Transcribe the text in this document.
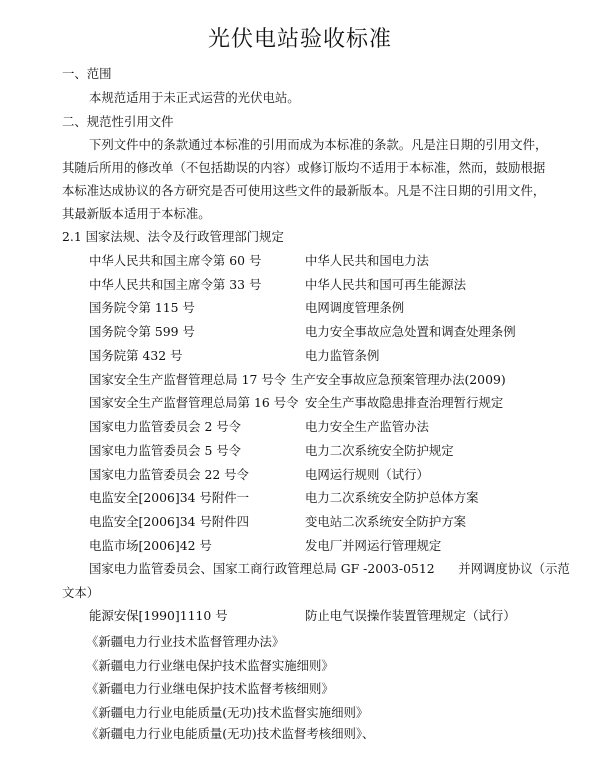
光伏电站验收标准
一、范围
本规范适用于未正式运营的光伏电站。
二、规范性引用文件
下列文件中的条款通过本标准的引用而成为本标准的条款。凡是注日期的引用文件，
其随后所用的修改单（不包括勘误的内容）或修订版均不适用于本标准，然而，鼓励根据
本标准达成协议的各方研究是否可使用这些文件的最新版本。凡是不注日期的引用文件，
其最新版本适用于本标准。
2.1 国家法规、法令及行政管理部门规定
中华人民共和国主席令第 60 号	中华人民共和国电力法
中华人民共和国主席令第 33 号	中华人民共和国可再生能源法
国务院令第 115 号	电网调度管理条例
国务院令第 599 号	电力安全事故应急处置和调查处理条例
国务院第 432 号	电力监管条例
国家安全生产监督管理总局 17 号令 生产安全事故应急预案管理办法(2009)
国家安全生产监督管理总局第 16 号令 安全生产事故隐患排查治理暂行规定
国家电力监管委员会 2 号令	电力安全生产监管办法
国家电力监管委员会 5 号令	电力二次系统安全防护规定
国家电力监管委员会 22 号令	电网运行规则（试行）
电监安全[2006]34 号附件一	电力二次系统安全防护总体方案
电监安全[2006]34 号附件四	变电站二次系统安全防护方案
电监市场[2006]42 号	发电厂并网运行管理规定
国家电力监管委员会、国家工商行政管理总局 GF -2003-0512      并网调度协议（示范
文本）
能源安保[1990]1110 号	防止电气误操作装置管理规定（试行）
《新疆电力行业技术监督管理办法》
《新疆电力行业继电保护技术监督实施细则》
《新疆电力行业继电保护技术监督考核细则》
《新疆电力行业电能质量(无功)技术监督实施细则》
《新疆电力行业电能质量(无功)技术监督考核细则》、
